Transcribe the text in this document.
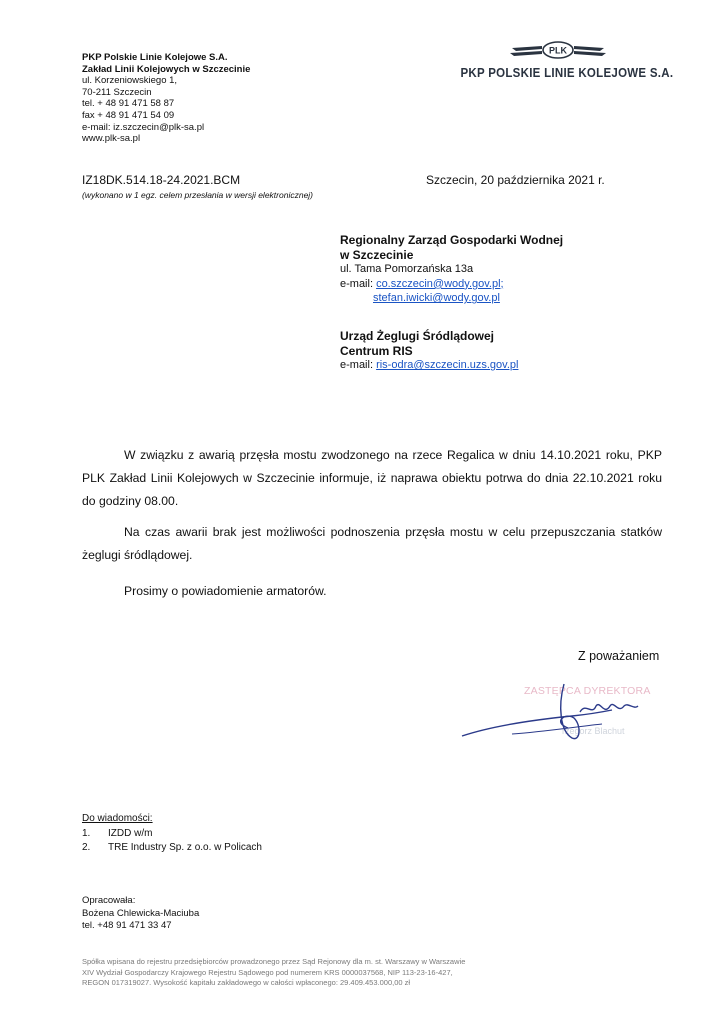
PKP Polskie Linie Kolejowe S.A.
Zakład Linii Kolejowych w Szczecinie
ul. Korzeniowskiego 1,
70-211 Szczecin
tel. + 48 91 471 58 87
fax + 48 91 471 54 09
e-mail: iz.szczecin@plk-sa.pl
www.plk-sa.pl
PLK
PKP POLSKIE LINIE KOLEJOWE S.A.
IZ18DK.514.18-24.2021.BCM
(wykonano w 1 egz. celem przesłania w wersji elektronicznej)
Szczecin, 20 października 2021 r.
Regionalny Zarząd Gospodarki Wodnej
w Szczecinie
ul. Tama Pomorzańska 13a
e-mail: co.szczecin@wody.gov.pl;
stefan.iwicki@wody.gov.pl
Urząd Żeglugi Śródlądowej
Centrum RIS
e-mail: ris-odra@szczecin.uzs.gov.pl
W związku z awarią przęsła mostu zwodzonego na rzece Regalica w dniu 14.10.2021 roku, PKP PLK Zakład Linii Kolejowych w Szczecinie informuje, iż naprawa obiektu potrwa do dnia 22.10.2021 roku do godziny 08.00.
Na czas awarii brak jest możliwości podnoszenia przęsła mostu w celu przepuszczania statków żeglugi śródlądowej.
Prosimy o powiadomienie armatorów.
Z poważaniem
ZASTĘPCA DYREKTORA
rzegorz Blachut
Do wiadomości:
1. IZDD w/m
2. TRE Industry Sp. z o.o. w Policach
Opracowała:
Bożena Chlewicka-Maciuba
tel. +48 91 471 33 47
Spółka wpisana do rejestru przedsiębiorców prowadzonego przez Sąd Rejonowy dla m. st. Warszawy w Warszawie
XIV Wydział Gospodarczy Krajowego Rejestru Sądowego pod numerem KRS 0000037568, NIP 113-23-16-427,
REGON 017319027. Wysokość kapitału zakładowego w całości wpłaconego: 29.409.453.000,00 zł
